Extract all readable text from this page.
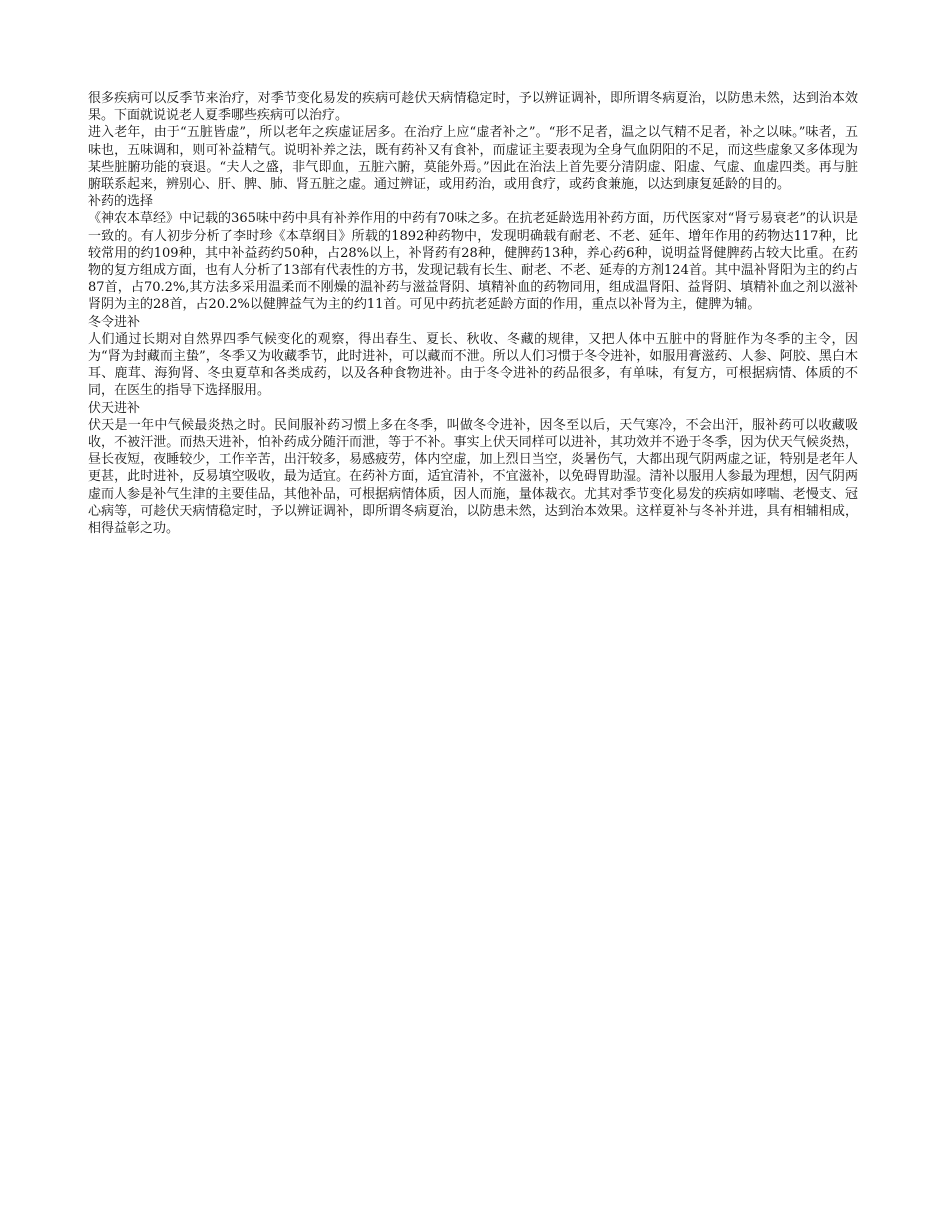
很多疾病可以反季节来治疗，对季节变化易发的疾病可趁伏天病情稳定时，予以辨证调补，即所谓冬病夏治，以防患未然，达到治本效果。下面就说说老人夏季哪些疾病可以治疗。

进入老年，由于“五脏皆虚”，所以老年之疾虚证居多。在治疗上应“虚者补之”。“形不足者，温之以气精不足者，补之以味。”味者，五味也，五味调和，则可补益精气。说明补养之法，既有药补又有食补，而虚证主要表现为全身气血阴阳的不足，而这些虚象又多体现为某些脏腑功能的衰退。“夫人之盛，非气即血，五脏六腑，莫能外焉。”因此在治法上首先要分清阴虚、阳虚、气虚、血虚四类。再与脏腑联系起来，辨别心、肝、脾、肺、肾五脏之虚。通过辨证，或用药治，或用食疗，或药食兼施，以达到康复延龄的目的。

补药的选择

《神农本草经》中记载的365味中药中具有补养作用的中药有70味之多。在抗老延龄选用补药方面，历代医家对“肾亏易衰老”的认识是一致的。有人初步分析了李时珍《本草纲目》所载的1892种药物中，发现明确载有耐老、不老、延年、增年作用的药物达117种，比较常用的约109种，其中补益药约50种，占28%以上，补肾药有28种，健脾药13种，养心药6种，说明益肾健脾药占较大比重。在药物的复方组成方面，也有人分析了13部有代表性的方书，发现记载有长生、耐老、不老、延寿的方剂124首。其中温补肾阳为主的约占87首，占70.2%,其方法多采用温柔而不刚燥的温补药与滋益肾阴、填精补血的药物同用，组成温肾阳、益肾阴、填精补血之剂以滋补肾阴为主的28首，占20.2%以健脾益气为主的约11首。可见中药抗老延龄方面的作用，重点以补肾为主，健脾为辅。

冬令进补

人们通过长期对自然界四季气候变化的观察，得出春生、夏长、秋收、冬藏的规律，又把人体中五脏中的肾脏作为冬季的主令，因为“肾为封藏而主蛰”，冬季又为收藏季节，此时进补，可以藏而不泄。所以人们习惯于冬令进补，如服用膏滋药、人参、阿胶、黑白木耳、鹿茸、海狗肾、冬虫夏草和各类成药，以及各种食物进补。由于冬令进补的药品很多，有单味，有复方，可根据病情、体质的不同，在医生的指导下选择服用。

伏天进补

伏天是一年中气候最炎热之时。民间服补药习惯上多在冬季，叫做冬令进补，因冬至以后，天气寒冷，不会出汗，服补药可以收藏吸收，不被汗泄。而热天进补，怕补药成分随汗而泄，等于不补。事实上伏天同样可以进补，其功效并不逊于冬季，因为伏天气候炎热，昼长夜短，夜睡较少，工作辛苦，出汗较多，易感疲劳，体内空虚，加上烈日当空，炎暑伤气，大都出现气阴两虚之证，特别是老年人更甚，此时进补，反易填空吸收，最为适宜。在药补方面，适宜清补，不宜滋补，以免碍胃助湿。清补以服用人参最为理想，因气阴两虚而人参是补气生津的主要佳品，其他补品，可根据病情体质，因人而施，量体裁衣。尤其对季节变化易发的疾病如哮喘、老慢支、冠心病等，可趁伏天病情稳定时，予以辨证调补，即所谓冬病夏治，以防患未然，达到治本效果。这样夏补与冬补并进，具有相辅相成，相得益彰之功。
